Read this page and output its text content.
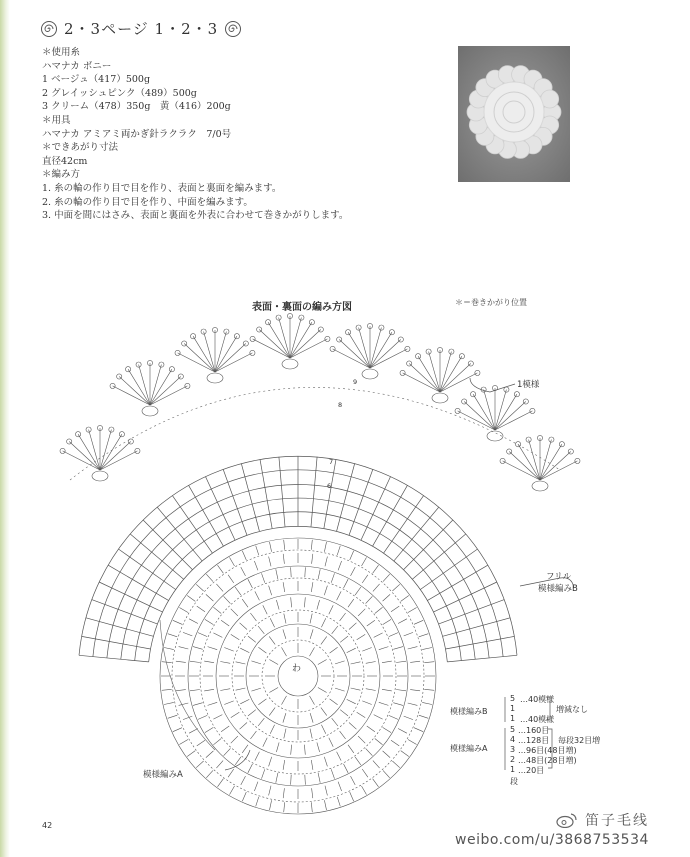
2・3ページ 1・2・3
＊使用糸
ハマナカ ボニー
1 ベージュ（417）500g
2 グレイッシュピンク（489）500g
3 クリーム（478）350g　黄（416）200g
＊用具
ハマナカ アミアミ両かぎ針ラクラク　7/0号
＊できあがり寸法
直径42cm
＊編み方
1. 糸の輪の作り目で目を作り、表面と裏面を編みます。
2. 糸の輪の作り目で目を作り、中面を編みます。
3. 中面を間にはさみ、表面と裏面を外表に合わせて巻きかがりします。
表面・裏面の編み方図	＊＝巻きかがり位置
わ
9
8
7
6
1模様
フリル
模様編みB
模様編みA
模様編みB
模様編みA
5 …40模様
1
1 …40模様
増減なし
5 …160目
4 …128目
3 …96目(48目増)
2 …48目(28目増)
1 …20目
段
毎段32目増
42	笛子毛线
weibo.com/u/3868753534
